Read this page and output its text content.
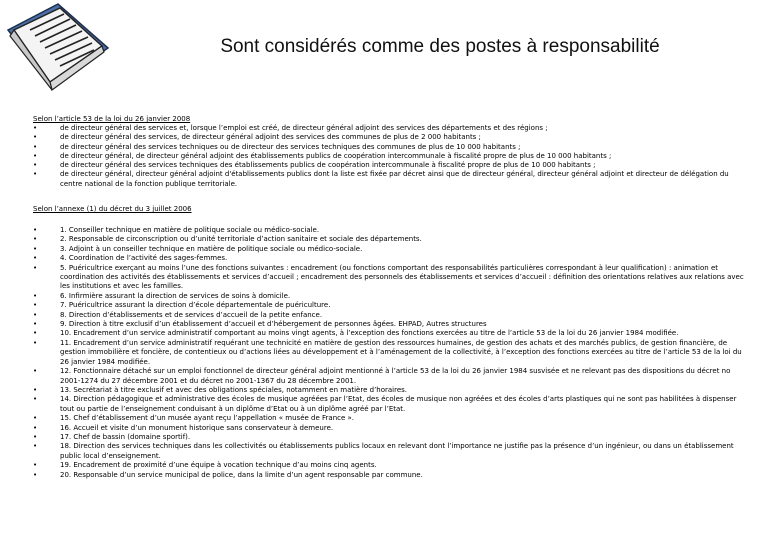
Sont considérés comme des postes à responsabilité
Selon l’article 53 de la loi du 26 janvier 2008
• de directeur général des services et, lorsque l’emploi est créé, de directeur général adjoint des services des départements et des régions ;
• de directeur général des services, de directeur général adjoint des services des communes de plus de 2 000 habitants ;
• de directeur général des services techniques ou de directeur des services techniques des communes de plus de 10 000 habitants ;
• de directeur général, de directeur général adjoint des établissements publics de coopération intercommunale à fiscalité propre de plus de 10 000 habitants ;
• de directeur général des services techniques des établissements publics de coopération intercommunale à fiscalité propre de plus de 10 000 habitants ;
• de directeur général, directeur général adjoint d'établissements publics dont la liste est fixée par décret ainsi que de directeur général, directeur général adjoint et directeur de délégation du centre national de la fonction publique territoriale.
Selon l’annexe (1) du décret du 3 juillet 2006
• 1. Conseiller technique en matière de politique sociale ou médico-sociale.
• 2. Responsable de circonscription ou d’unité territoriale d’action sanitaire et sociale des départements.
• 3. Adjoint à un conseiller technique en matière de politique sociale ou médico-sociale.
• 4. Coordination de l’activité des sages-femmes.
• 5. Puéricultrice exerçant au moins l’une des fonctions suivantes : encadrement (ou fonctions comportant des responsabilités particulières correspondant à leur qualification) : animation et coordination des activités des établissements et services d’accueil ; encadrement des personnels des établissements et services d’accueil : définition des orientations relatives aux relations avec les institutions et avec les familles.
• 6. Infirmière assurant la direction de services de soins à domicile.
• 7. Puéricultrice assurant la direction d’école départementale de puériculture.
• 8. Direction d’établissements et de services d’accueil de la petite enfance.
• 9. Direction à titre exclusif d’un établissement d’accueil et d’hébergement de personnes âgées. EHPAD, Autres structures
• 10. Encadrement d’un service administratif comportant au moins vingt agents, à l’exception des fonctions exercées au titre de l’article 53 de la loi du 26 janvier 1984 modifiée.
• 11. Encadrement d’un service administratif requérant une technicité en matière de gestion des ressources humaines, de gestion des achats et des marchés publics, de gestion financière, de gestion immobilière et foncière, de contentieux ou d’actions liées au développement et à l’aménagement de la collectivité, à l’exception des fonctions exercées au titre de l’article 53 de la loi du 26 janvier 1984 modifiée.
• 12. Fonctionnaire détaché sur un emploi fonctionnel de directeur général adjoint mentionné à l’article 53 de la loi du 26 janvier 1984 susvisée et ne relevant pas des dispositions du décret no 2001-1274 du 27 décembre 2001 et du décret no 2001-1367 du 28 décembre 2001.
• 13. Secrétariat à titre exclusif et avec des obligations spéciales, notamment en matière d’horaires.
• 14. Direction pédagogique et administrative des écoles de musique agréées par l’Etat, des écoles de musique non agréées et des écoles d’arts plastiques qui ne sont pas habilitées à dispenser tout ou partie de l’enseignement conduisant à un diplôme d’Etat ou à un diplôme agréé par l’Etat.
• 15. Chef d’établissement d’un musée ayant reçu l’appellation « musée de France ».
• 16. Accueil et visite d’un monument historique sans conservateur à demeure.
• 17. Chef de bassin (domaine sportif).
• 18. Direction des services techniques dans les collectivités ou établissements publics locaux en relevant dont l’importance ne justifie pas la présence d’un ingénieur, ou dans un établissement public local d’enseignement.
• 19. Encadrement de proximité d’une équipe à vocation technique d’au moins cinq agents.
• 20. Responsable d’un service municipal de police, dans la limite d’un agent responsable par commune.
